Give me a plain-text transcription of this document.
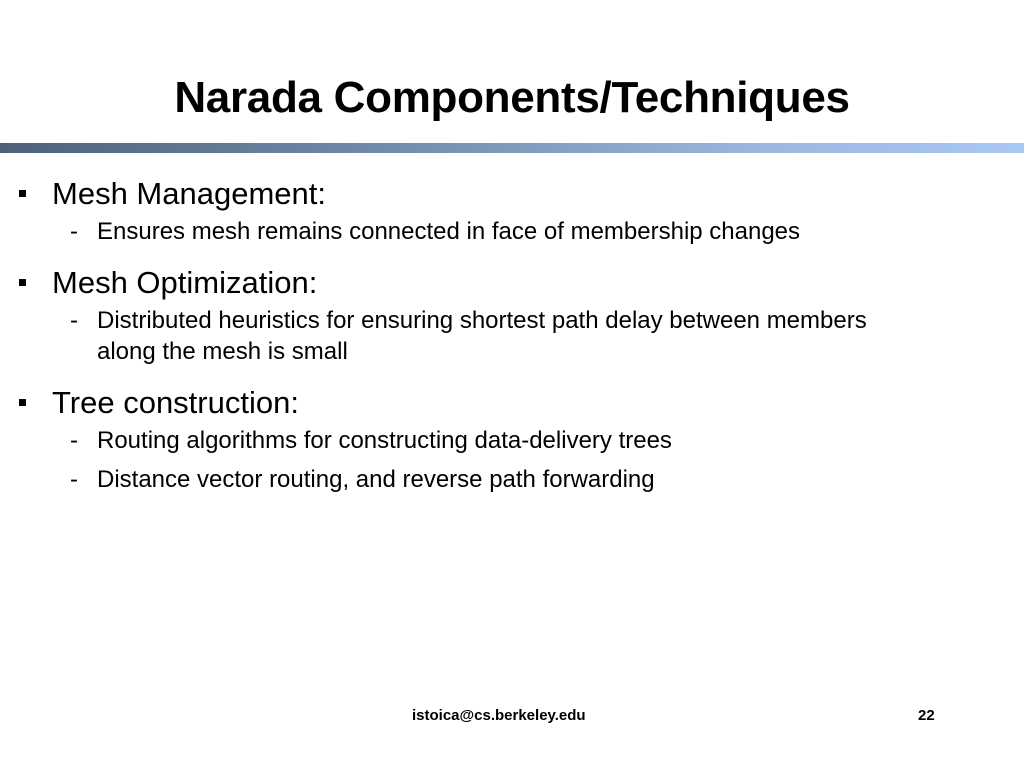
Narada Components/Techniques
Mesh Management:
- Ensures mesh remains connected in face of membership changes
Mesh Optimization:
- Distributed heuristics for ensuring shortest path delay between members along the mesh is small
Tree construction:
- Routing algorithms for constructing data-delivery trees
- Distance vector routing, and reverse path forwarding
istoica@cs.berkeley.edu	22
